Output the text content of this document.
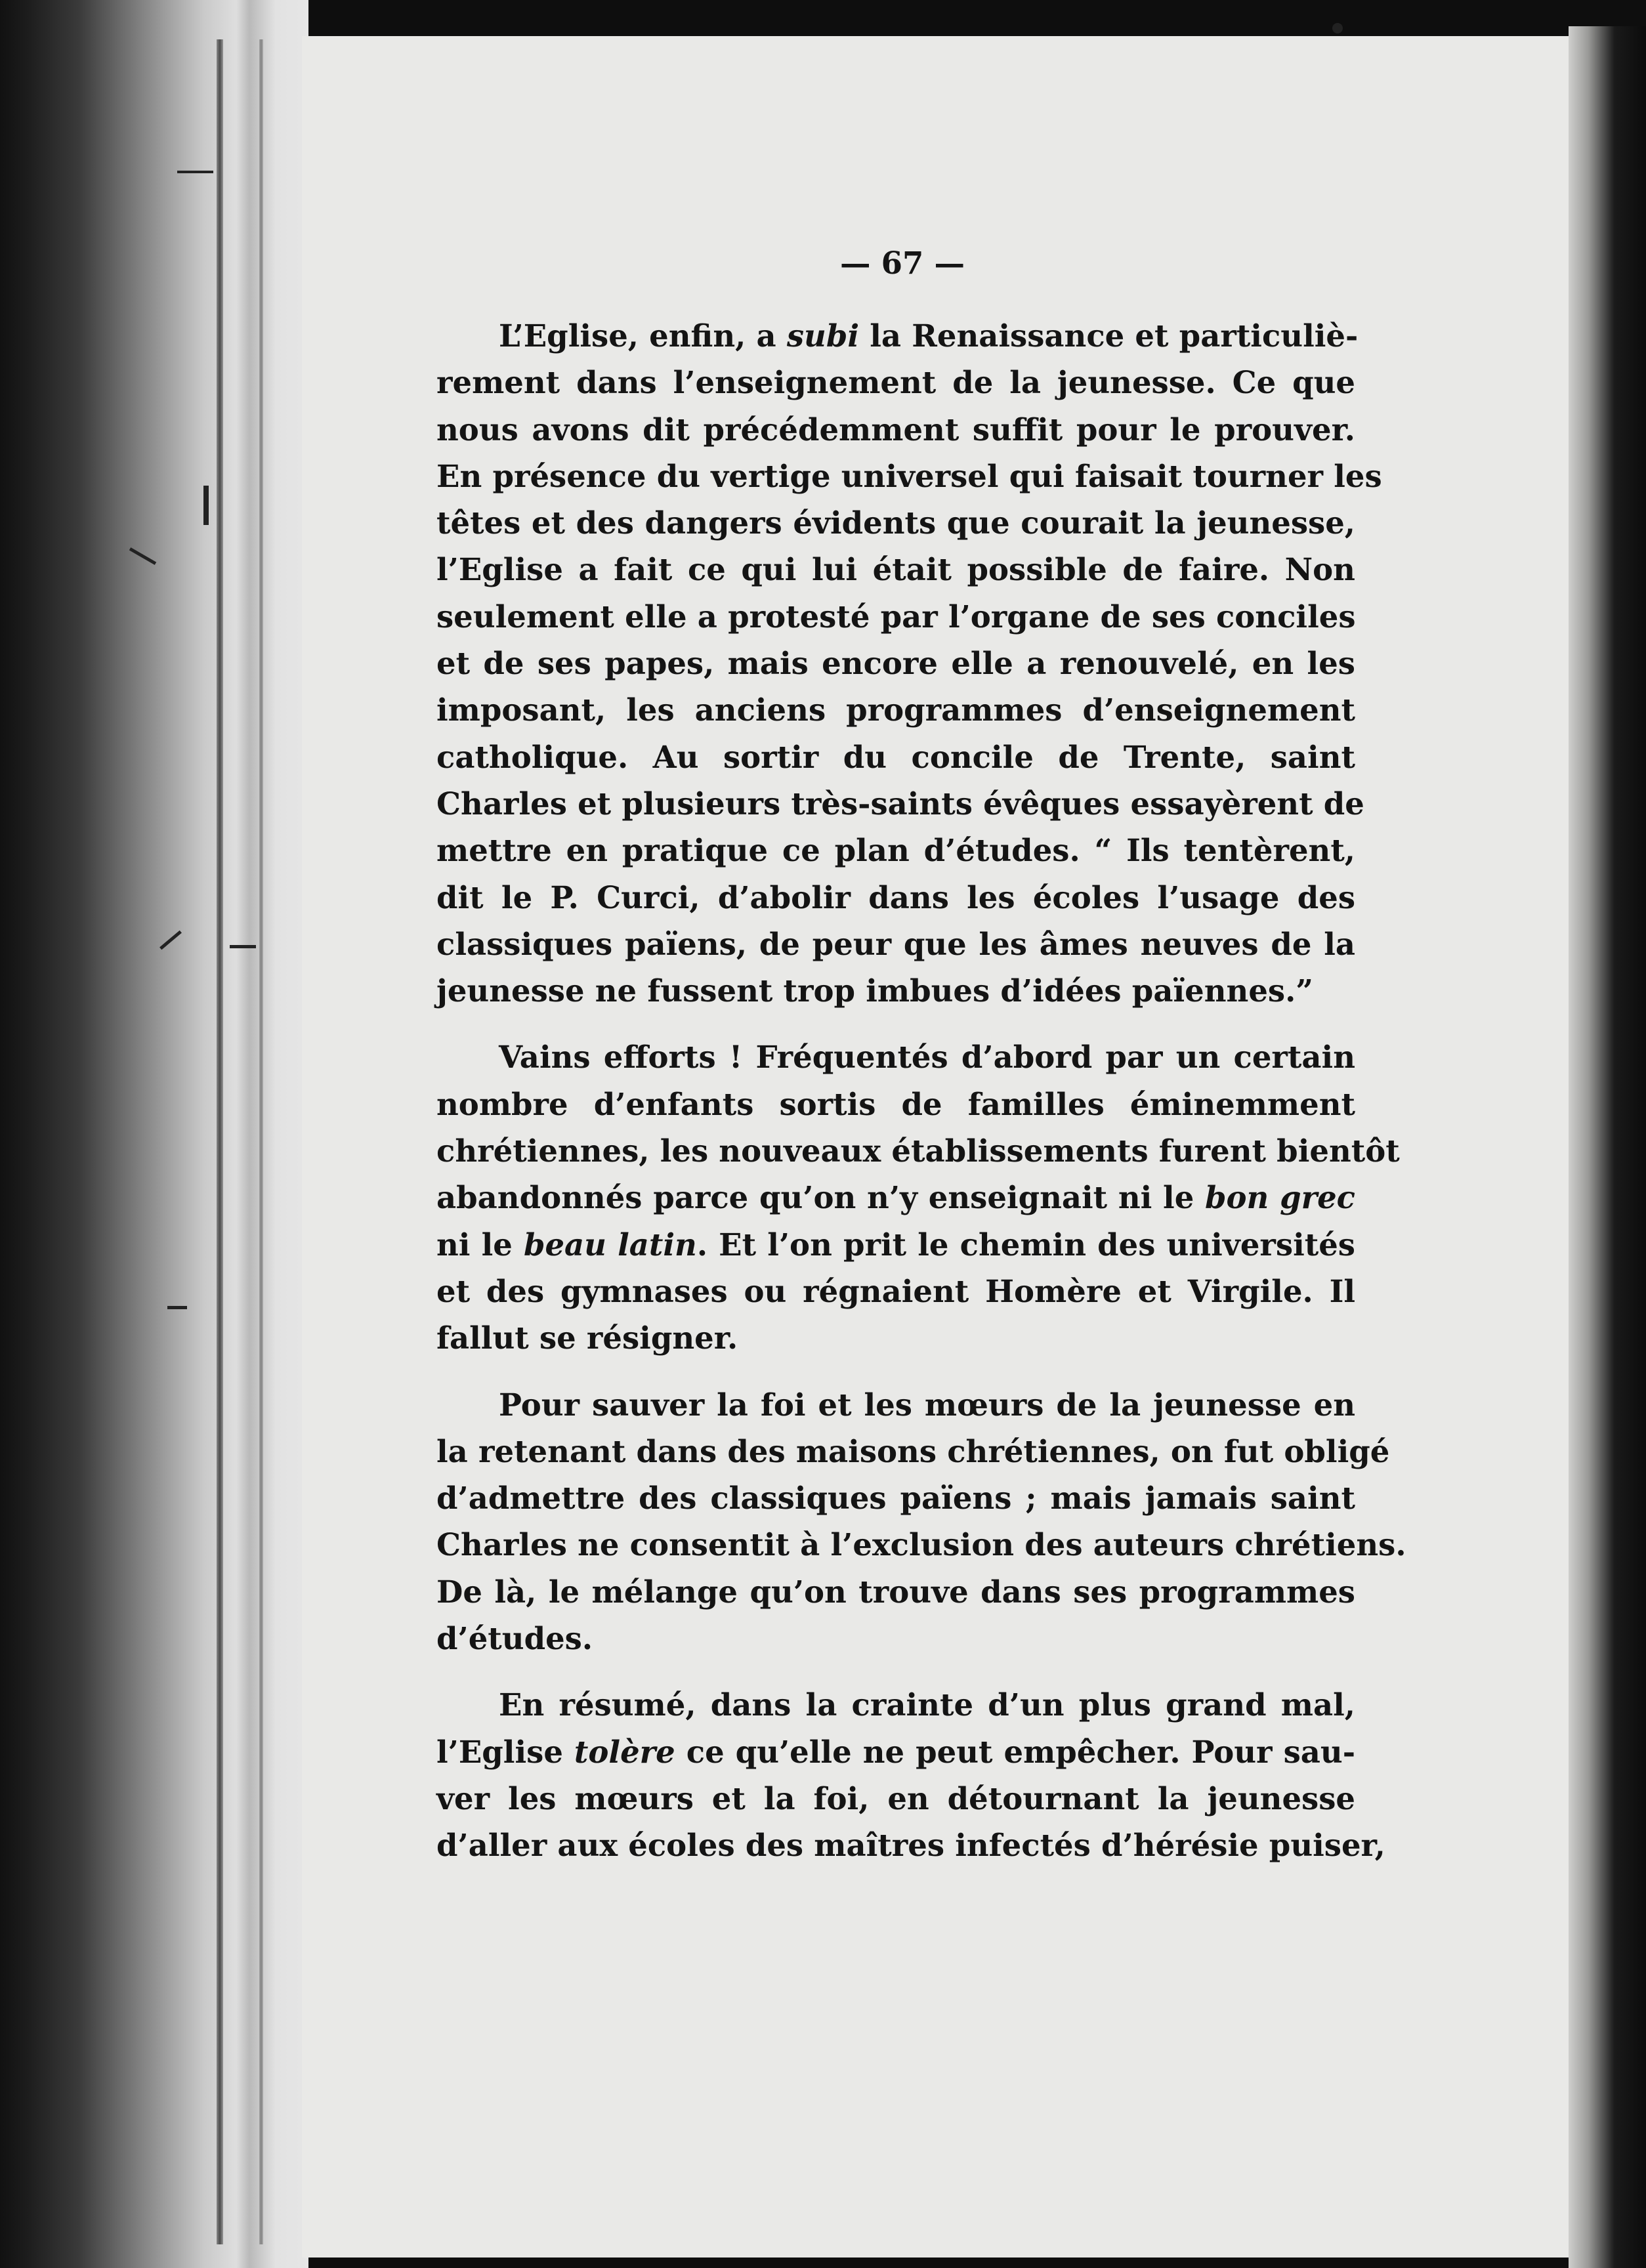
— 67 —
L’Eglise, enfin, a subi la Renaissance et particuliè-
rement dans l’enseignement de la jeunesse. Ce que
nous avons dit précédemment suffit pour le prouver.
En présence du vertige universel qui faisait tourner les
têtes et des dangers évidents que courait la jeunesse,
l’Eglise a fait ce qui lui était possible de faire. Non
seulement elle a protesté par l’organe de ses conciles
et de ses papes, mais encore elle a renouvelé, en les
imposant, les anciens programmes d’enseignement
catholique. Au sortir du concile de Trente, saint
Charles et plusieurs très-saints évêques essayèrent de
mettre en pratique ce plan d’études. “ Ils tentèrent,
dit le P. Curci, d’abolir dans les écoles l’usage des
classiques païens, de peur que les âmes neuves de la
jeunesse ne fussent trop imbues d’idées païennes.”
Vains efforts ! Fréquentés d’abord par un certain
nombre d’enfants sortis de familles éminemment
chrétiennes, les nouveaux établissements furent bientôt
abandonnés parce qu’on n’y enseignait ni le bon grec
ni le beau latin. Et l’on prit le chemin des universités
et des gymnases ou régnaient Homère et Virgile. Il
fallut se résigner.
Pour sauver la foi et les mœurs de la jeunesse en
la retenant dans des maisons chrétiennes, on fut obligé
d’admettre des classiques païens ; mais jamais saint
Charles ne consentit à l’exclusion des auteurs chrétiens.
De là, le mélange qu’on trouve dans ses programmes
d’études.
En résumé, dans la crainte d’un plus grand mal,
l’Eglise tolère ce qu’elle ne peut empêcher. Pour sau-
ver les mœurs et la foi, en détournant la jeunesse
d’aller aux écoles des maîtres infectés d’hérésie puiser,
